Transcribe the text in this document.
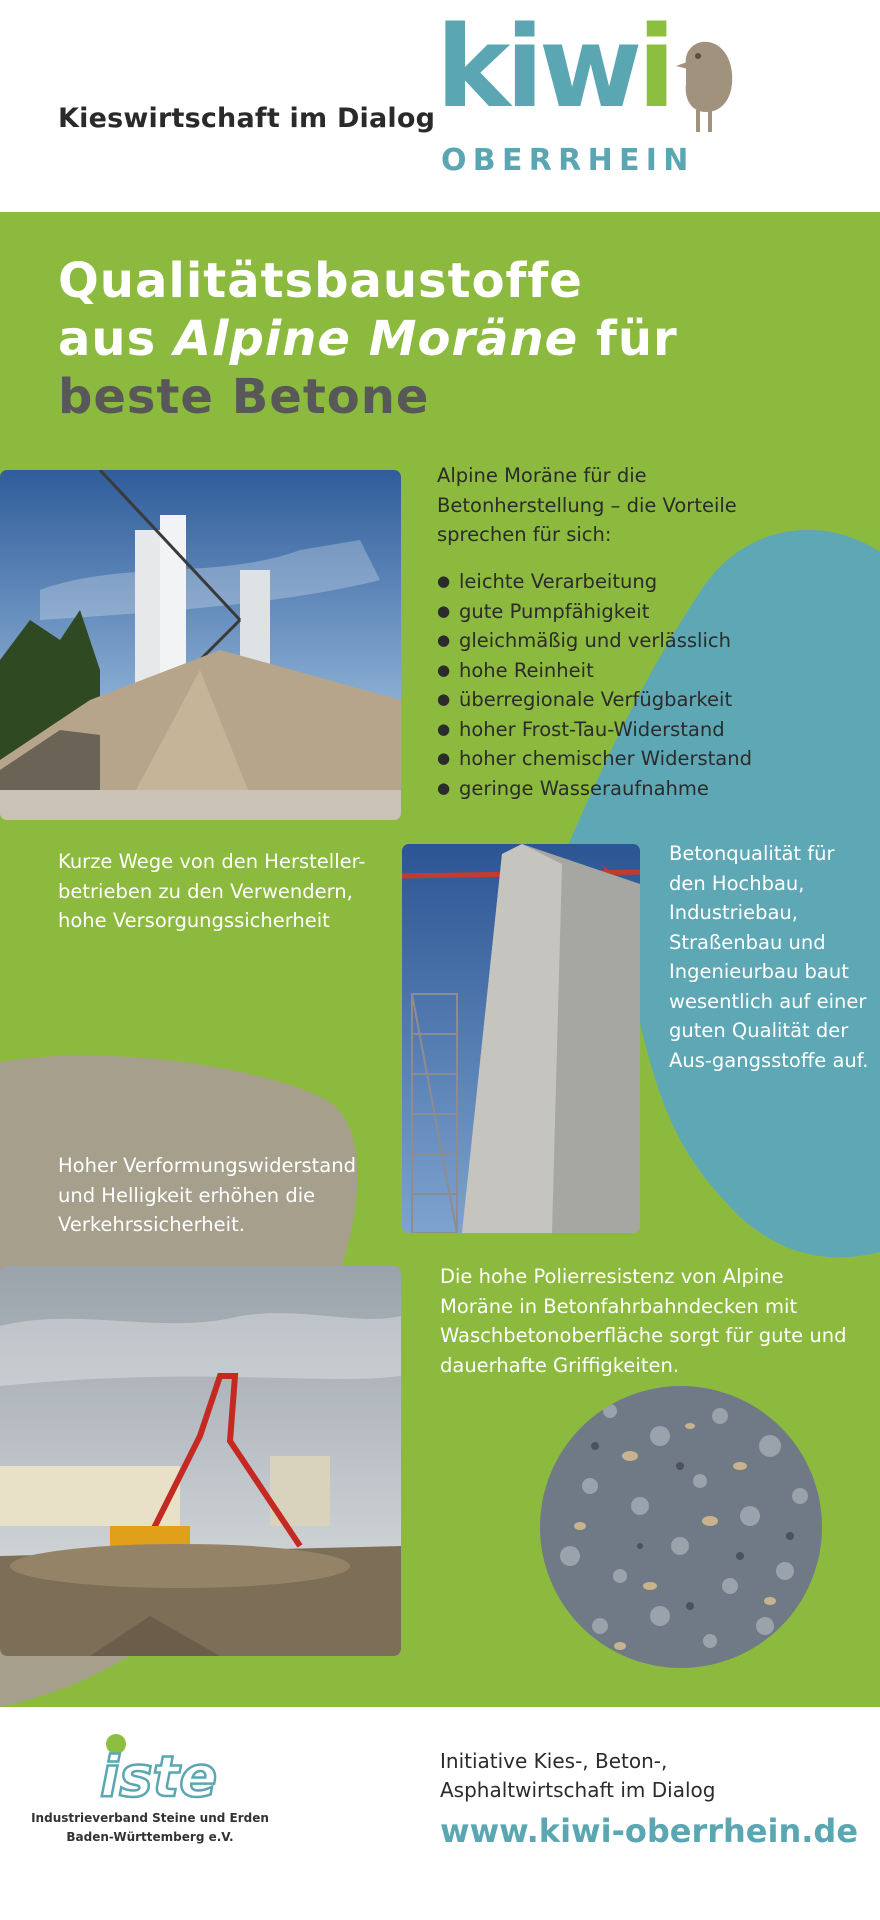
Kieswirtschaft im Dialog kiwi
OBERRHEIN
Qualitätsbaustoffe
aus Alpine Moräne für
beste Betone
Alpine Moräne für die Betonherstellung – die Vorteile sprechen für sich:
● leichte Verarbeitung
● gute Pumpfähigkeit
● gleichmäßig und verlässlich
● hohe Reinheit
● überregionale Verfügbarkeit
● hoher Frost-Tau-Widerstand
● hoher chemischer Widerstand
● geringe Wasseraufnahme
Kurze Wege von den Hersteller-betrieben zu den Verwendern, hohe Versorgungssicherheit
Betonqualität für den Hochbau, Industriebau, Straßenbau und Ingenieurbau baut wesentlich auf einer guten Qualität der Aus-gangsstoffe auf.
Hoher Verformungswiderstand und Helligkeit erhöhen die Verkehrssicherheit.
Die hohe Polierresistenz von Alpine Moräne in Betonfahrbahndecken mit Waschbetonoberfläche sorgt für gute und dauerhafte Griffigkeiten.
iste
Industrieverband Steine und Erden
Baden-Württemberg e.V.
Initiative Kies-, Beton-,
Asphaltwirtschaft im Dialog
www.kiwi-oberrhein.de
